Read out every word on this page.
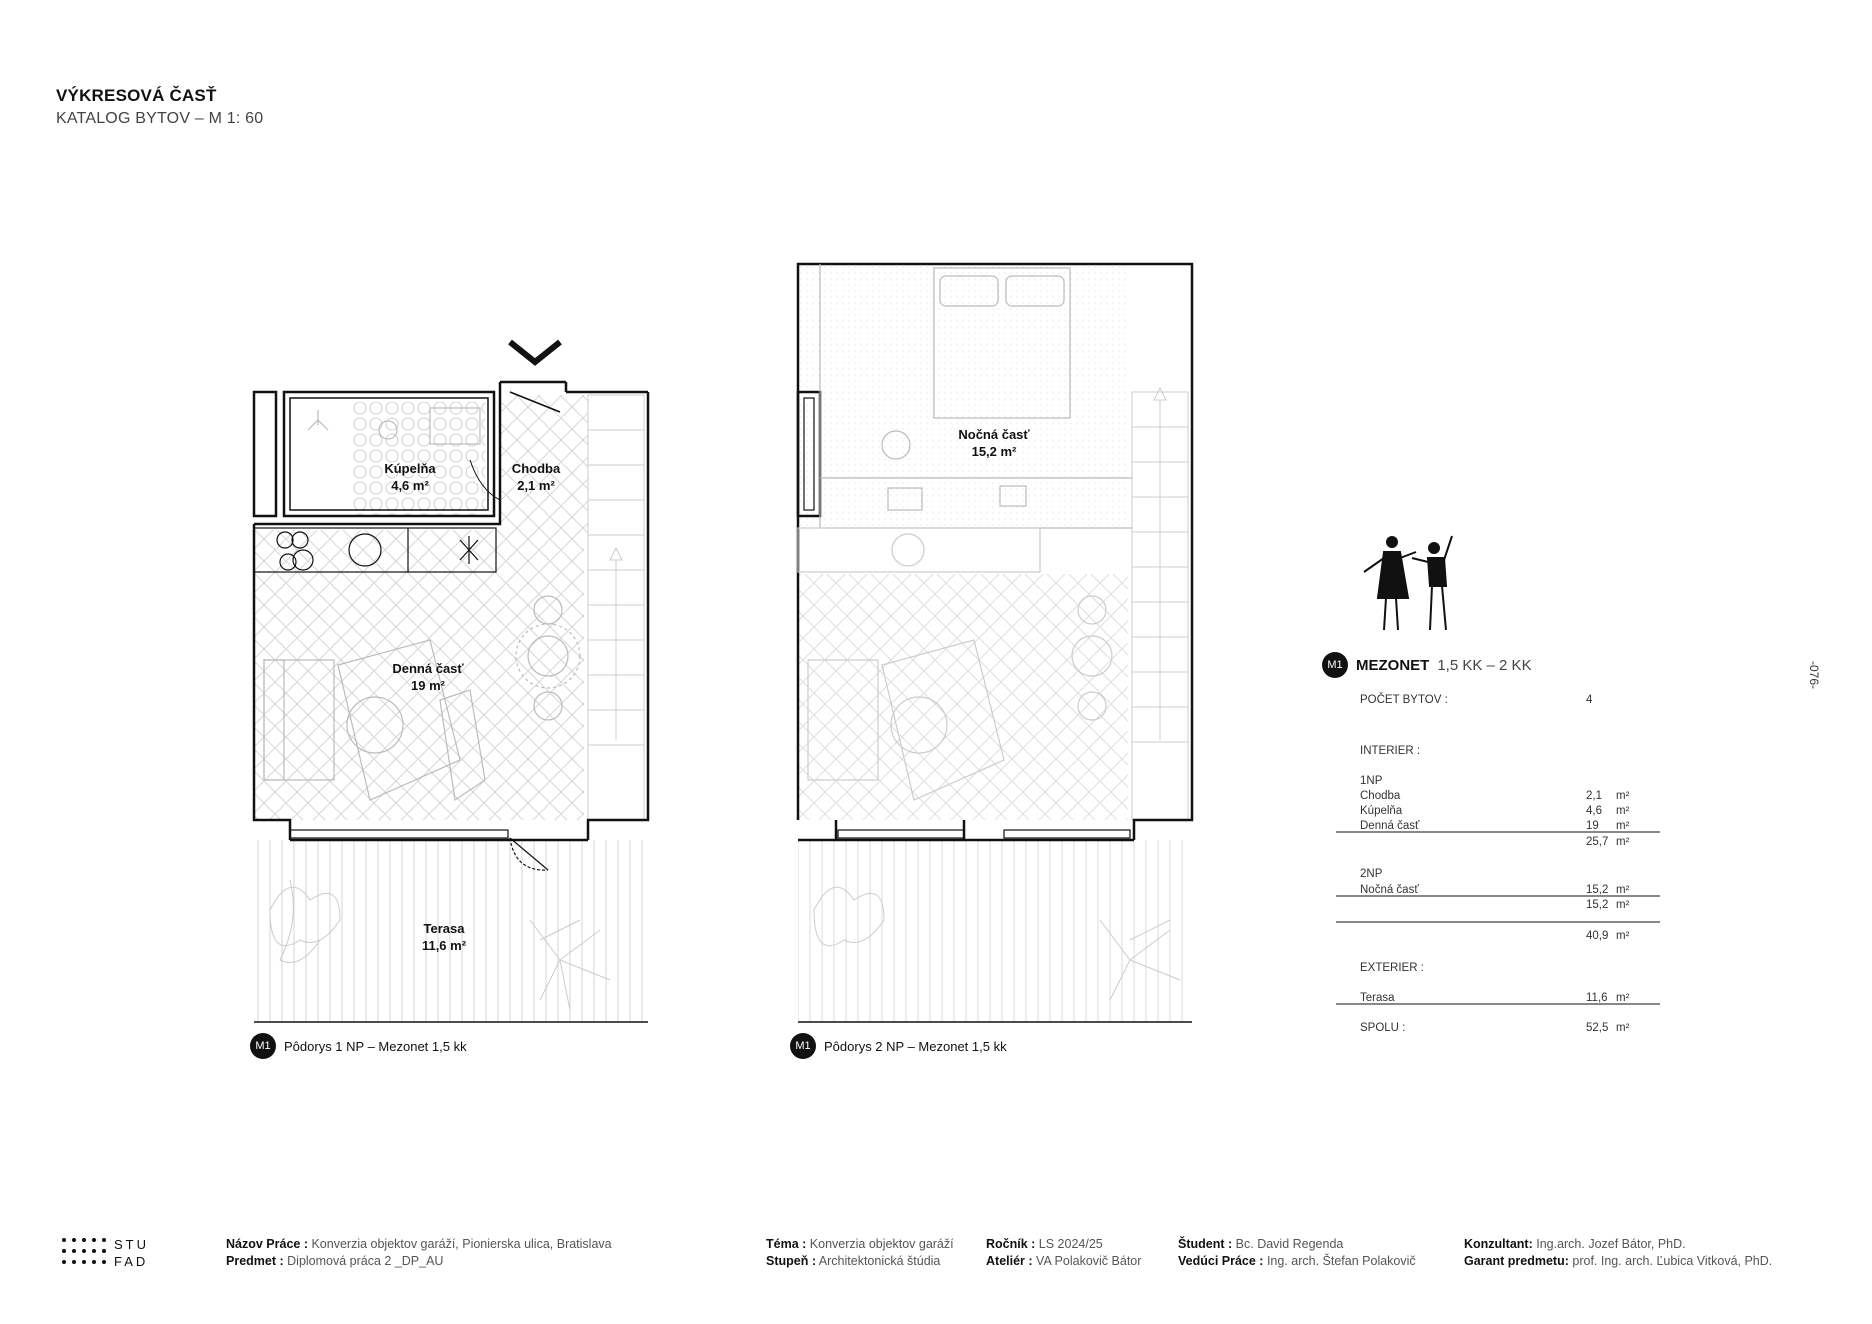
VÝKRESOVÁ ČASŤ
KATALOG BYTOV – M 1: 60
Kúpelňa
4,6 m²
Chodba
2,1 m²
Denná časť
19 m²
Terasa
11,6 m²
Nočná časť
15,2 m²
M1	Pôdorys 1 NP – Mezonet 1,5 kk	M1	Pôdorys 2 NP – Mezonet 1,5 kk
M1 MEZONET 1,5 KK – 2 KK
POČET BYTOV :	4
INTERIER :
1NP
Chodba	2,1 m²
Kúpelňa	4,6 m²
Denná časť	19 m²
25,7 m²
2NP
Nočná časť	15,2 m²
15,2 m²
40,9 m²
EXTERIER :
Terasa	11,6 m²
SPOLU :	52,5 m²
-076-
STU
FAD
Názov Práce : Konverzia objektov garáží, Pionierska ulica, Bratislava
Predmet : Diplomová práca 2 _DP_AU
Téma : Konverzia objektov garáží
Stupeň : Architektonická štúdia
Ročník : LS 2024/25
Ateliér : VA Polakovič Bátor
Študent : Bc. David Regenda
Vedúci Práce : Ing. arch. Štefan Polakovič
Konzultant: Ing.arch. Jozef Bátor, PhD.
Garant predmetu: prof. Ing. arch. Ľubica Vitková, PhD.
